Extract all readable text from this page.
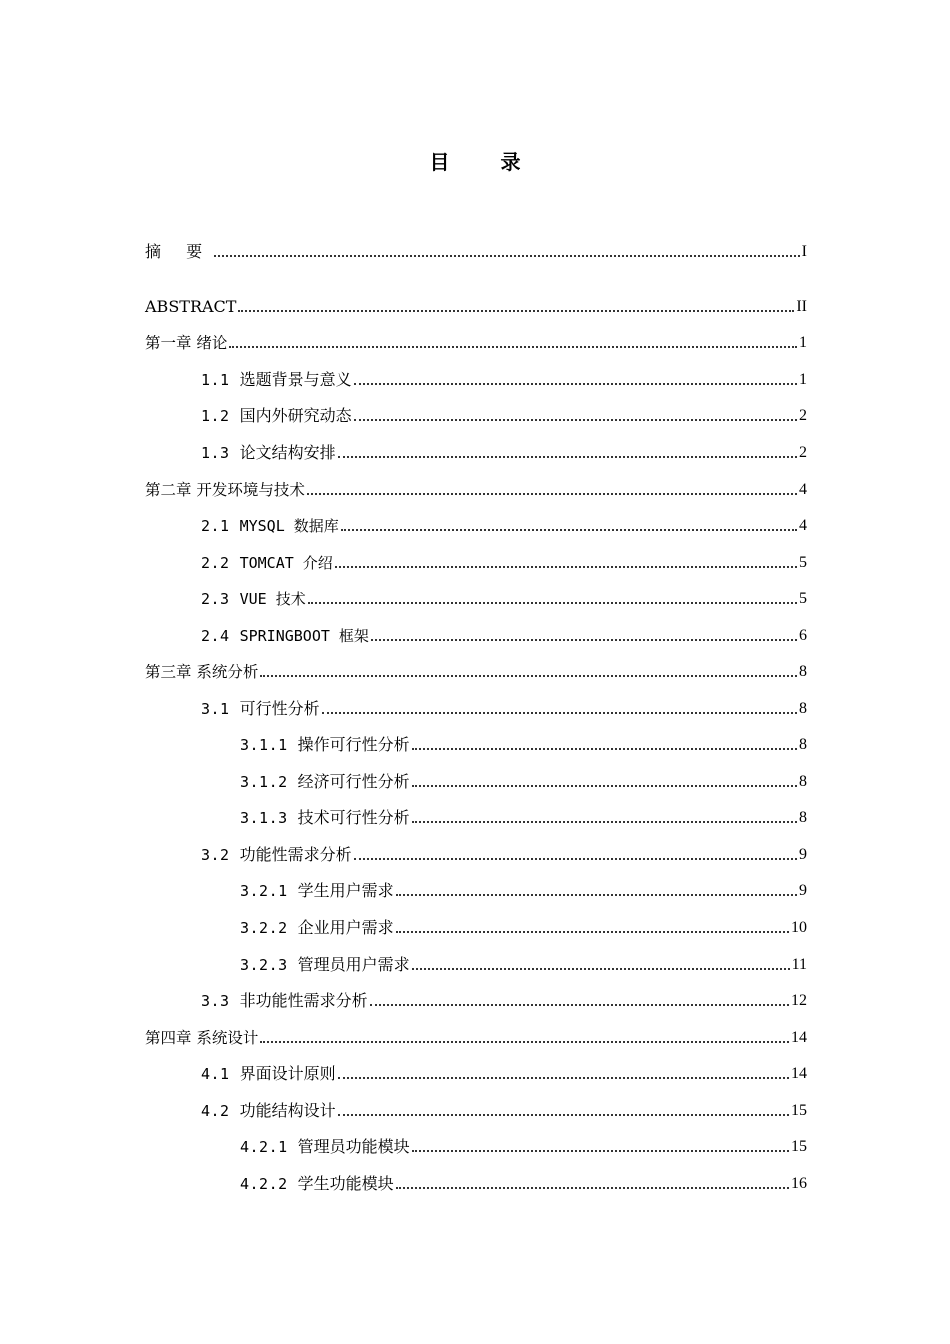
目 录
摘 要	I
ABSTRACT	II
第一章 绪论	1
1.1 选题背景与意义	1
1.2 国内外研究动态	2
1.3 论文结构安排	2
第二章 开发环境与技术	4
2.1 MYSQL 数据库	4
2.2 TOMCAT 介绍	5
2.3 VUE 技术	5
2.4 SPRINGBOOT 框架	6
第三章 系统分析	8
3.1 可行性分析	8
3.1.1 操作可行性分析	8
3.1.2 经济可行性分析	8
3.1.3 技术可行性分析	8
3.2 功能性需求分析	9
3.2.1 学生用户需求	9
3.2.2 企业用户需求	10
3.2.3 管理员用户需求	11
3.3 非功能性需求分析	12
第四章 系统设计	14
4.1 界面设计原则	14
4.2 功能结构设计	15
4.2.1 管理员功能模块	15
4.2.2 学生功能模块	16
